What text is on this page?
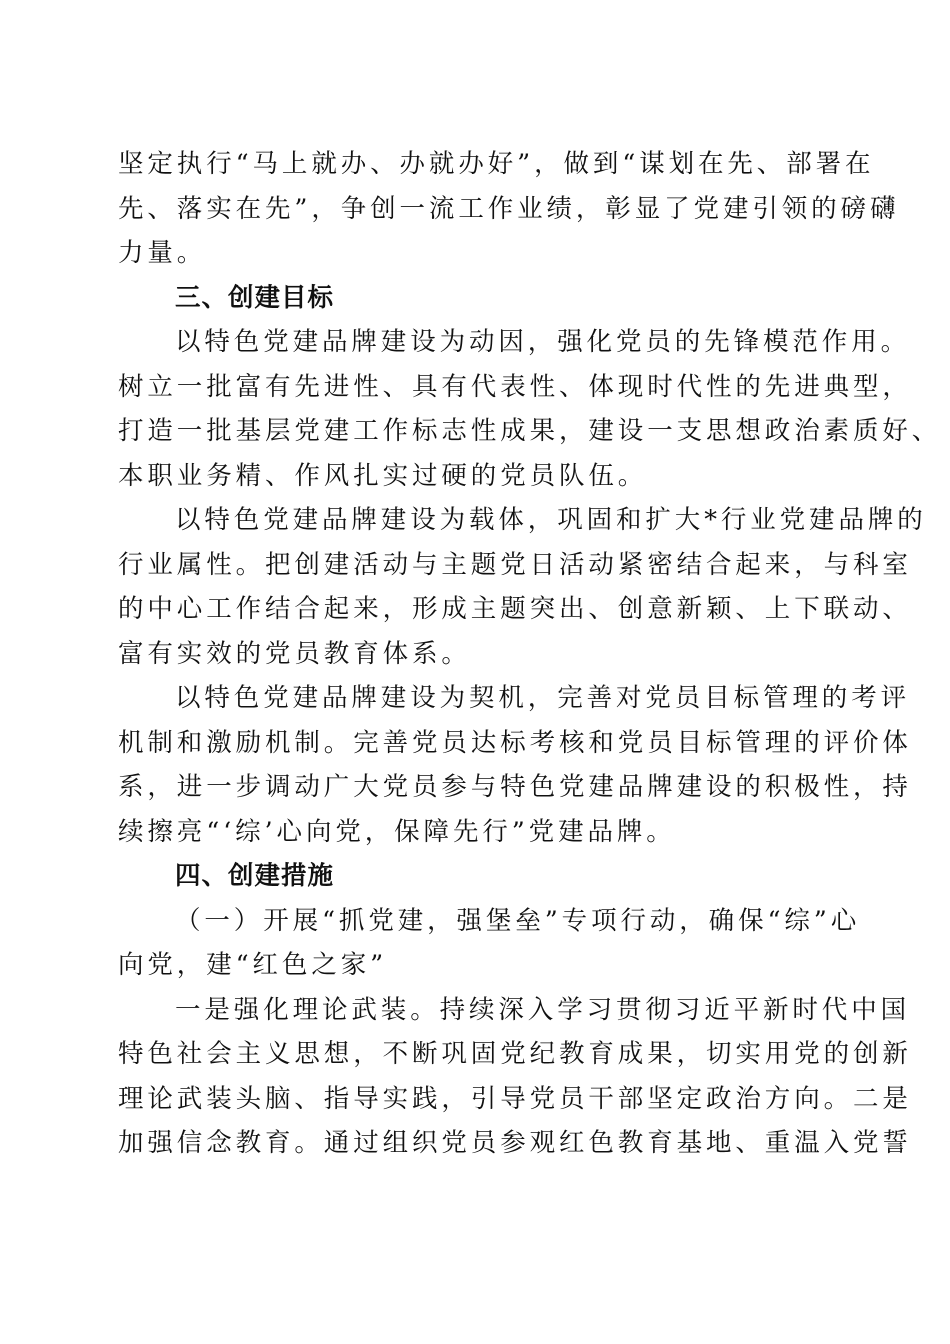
坚定执行“马上就办、办就办好”，做到“谋划在先、部署在
先、落实在先”，争创一流工作业绩，彰显了党建引领的磅礴
力量。

三、创建目标

以特色党建品牌建设为动因，强化党员的先锋模范作用。
树立一批富有先进性、具有代表性、体现时代性的先进典型，
打造一批基层党建工作标志性成果，建设一支思想政治素质好、
本职业务精、作风扎实过硬的党员队伍。

以特色党建品牌建设为载体，巩固和扩大*行业党建品牌的
行业属性。把创建活动与主题党日活动紧密结合起来，与科室
的中心工作结合起来，形成主题突出、创意新颖、上下联动、
富有实效的党员教育体系。

以特色党建品牌建设为契机，完善对党员目标管理的考评
机制和激励机制。完善党员达标考核和党员目标管理的评价体
系，进一步调动广大党员参与特色党建品牌建设的积极性，持
续擦亮“‘综’心向党，保障先行”党建品牌。

四、创建措施

（一）开展“抓党建，强堡垒”专项行动，确保“综”心
向党，建“红色之家”

一是强化理论武装。持续深入学习贯彻习近平新时代中国
特色社会主义思想，不断巩固党纪教育成果，切实用党的创新
理论武装头脑、指导实践，引导党员干部坚定政治方向。二是
加强信念教育。通过组织党员参观红色教育基地、重温入党誓
